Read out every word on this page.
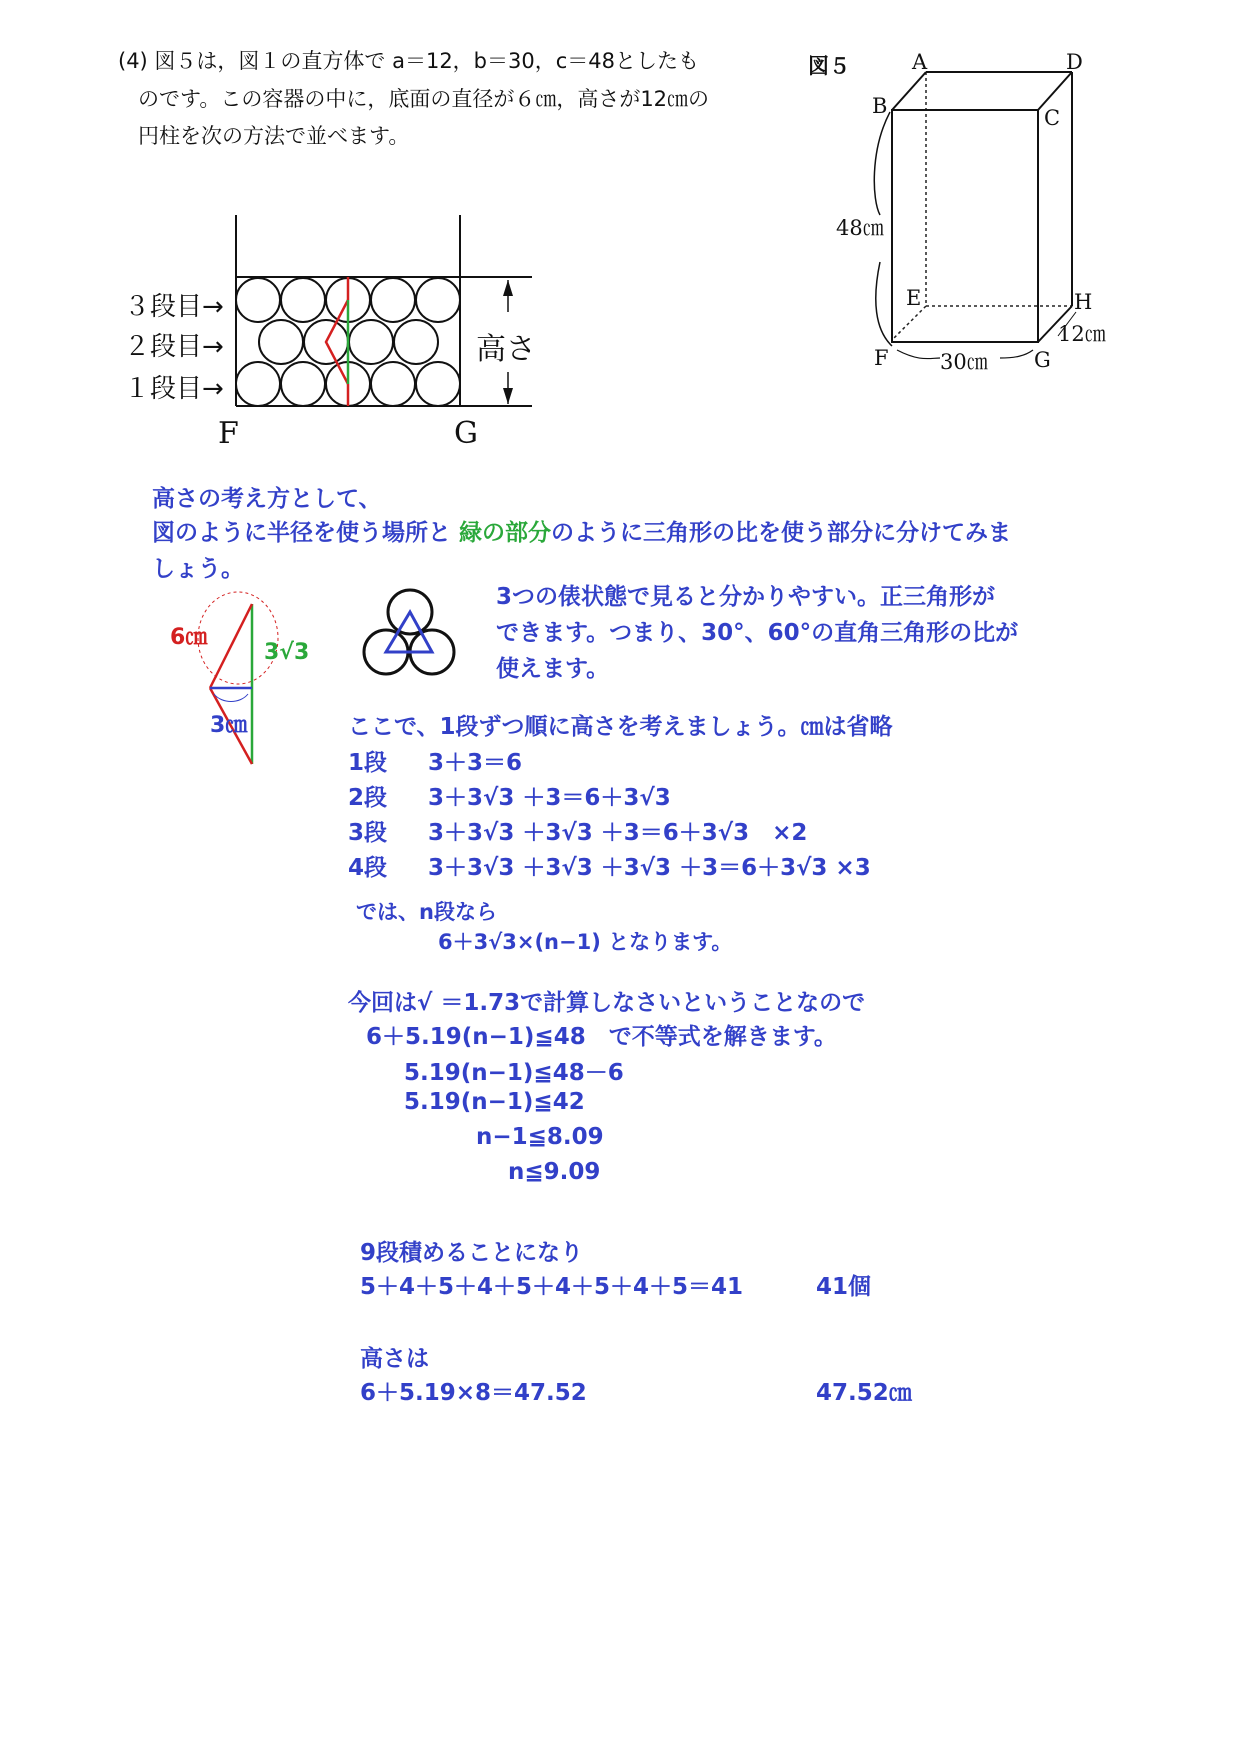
(4) 図５は，図１の直方体で a＝12，b＝30，c＝48としたも
のです。この容器の中に，底面の直径が６㎝，高さが12㎝の
円柱を次の方法で並べます。
図５	A	D
B	C
E	H
F	G
48㎝
30㎝
12㎝
３段目→
２段目→
１段目→
高さ
F	G
高さの考え方として、
図のように半径を使う場所と 緑の部分のように三角形の比を使う部分に分けてみま
しょう。
6㎝
3√3
3㎝
3つの俵状態で見ると分かりやすい。正三角形が
できます。つまり、30°、60°の直角三角形の比が
使えます。
ここで、1段ずつ順に高さを考えましょう。㎝は省略
1段 3＋3＝6
2段 3＋3√3 ＋3＝6＋3√3
3段 3＋3√3 ＋3√3 ＋3＝6＋3√3　×2
4段 3＋3√3 ＋3√3 ＋3√3 ＋3＝6＋3√3 ×3
では、n段なら
6＋3√3×(n−1) となります。
今回は√ ＝1.73で計算しなさいということなので
6＋5.19(n−1)≦48　で不等式を解きます。
5.19(n−1)≦48－6
5.19(n−1)≦42
n−1≦8.09
n≦9.09
9段積めることになり
5＋4＋5＋4＋5＋4＋5＋4＋5＝41	41個
高さは
6＋5.19×8＝47.52	47.52㎝
